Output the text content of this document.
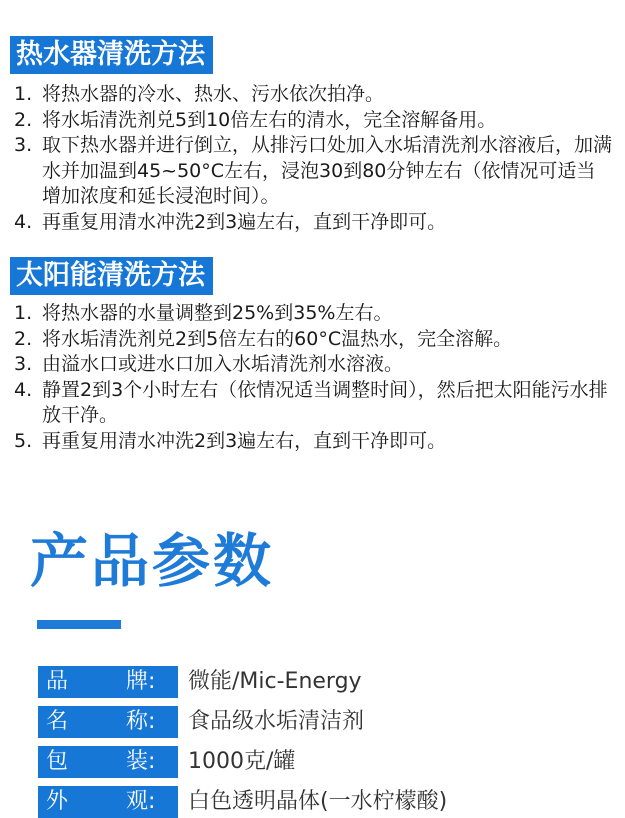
热水器清洗方法
1. 将热水器的冷水、热水、污水依次拍净。
2. 将水垢清洗剂兑5到10倍左右的清水，完全溶解备用。
3. 取下热水器并进行倒立，从排污口处加入水垢清洗剂水溶液后，加满水并加温到45~50°C左右，浸泡30到80分钟左右（依情况可适当增加浓度和延长浸泡时间）。
4. 再重复用清水冲洗2到3遍左右，直到干净即可。
太阳能清洗方法
1. 将热水器的水量调整到25%到35%左右。
2. 将水垢清洗剂兑2到5倍左右的60°C温热水，完全溶解。
3. 由溢水口或进水口加入水垢清洗剂水溶液。
4. 静置2到3个小时左右（依情况适当调整时间），然后把太阳能污水排放干净。
5. 再重复用清水冲洗2到3遍左右，直到干净即可。
产品参数
品	牌: 微能/Mic-Energy
名	称: 食品级水垢清洁剂
包	装: 1000克/罐
外	观: 白色透明晶体(一水柠檬酸)
